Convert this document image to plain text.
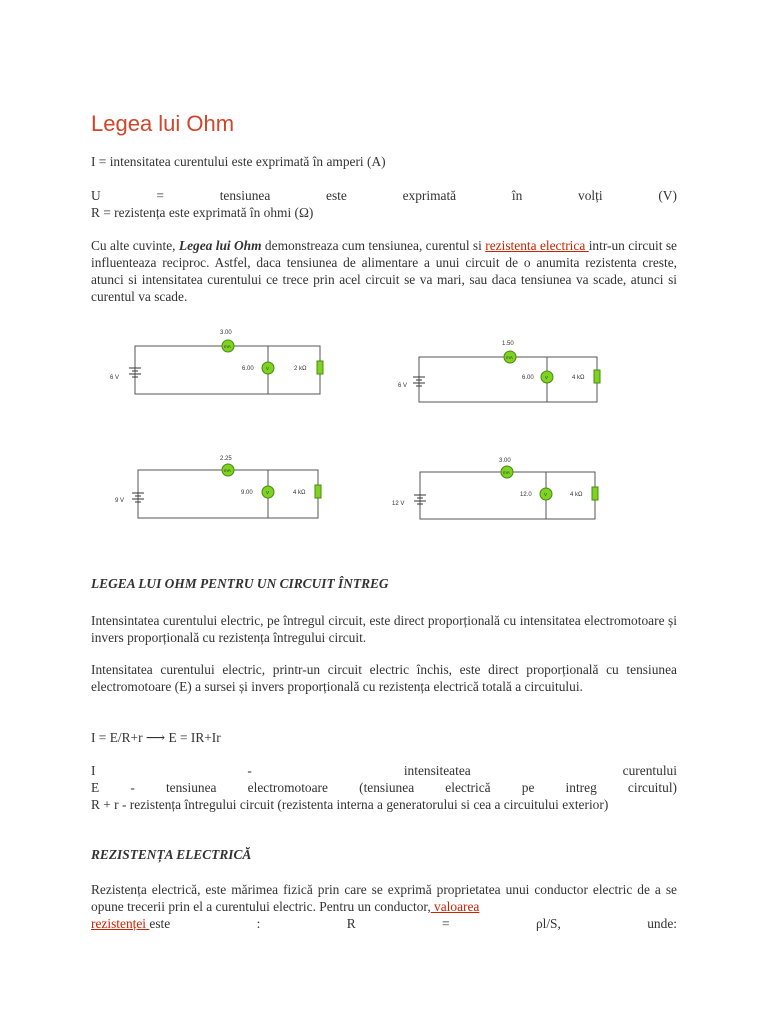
Legea lui Ohm

I = intensitatea curentului este exprimată în amperi (A)

U	=	tensiunea	este	exprimată	în	volți	(V)

R = rezistența este exprimată în ohmi (Ω)

Cu alte cuvinte, Legea lui Ohm demonstreaza cum tensiunea, curentul si rezistenta electrica intr-un circuit se influenteaza reciproc. Astfel, daca tensiunea de alimentare a unui circuit de o anumita rezistenta creste, atunci si intensitatea curentului ce trece prin acel circuit se va mari, sau daca tensiunea va scade, atunci si curentul va scade.

LEGEA LUI OHM PENTRU UN CIRCUIT ÎNTREG

Intensintatea curentului electric, pe întregul circuit, este direct proporțională cu intensitatea electromotoare și invers proporțională cu rezistența întregului circuit.

Intensitatea curentului electric, printr-un circuit electric închis, este direct proporțională cu tensiunea electromotoare (E) a sursei și invers proporțională cu rezistența electrică totală a circuitului.

I = E/R+r ⟶ E = IR+Ir

I	-	intensiteatea	curentului

E - tensiunea electromotoare (tensiunea electrică pe intreg circuitul)

R + r - rezistența întregului circuit (rezistenta interna a generatorului si cea a circuitului exterior)

REZISTENȚA ELECTRICĂ

Rezistența electrică, este mărimea fizică prin care se exprimă proprietatea unui conductor electric de a se opune trecerii prin el a curentului electric. Pentru un conductor, valoarea

rezistenței este	:	R	=	ρl/S,	unde:

6 V
mA
3.00
V
6.00	2 kΩ
6 V
mA
1.50
V
6.00	4 kΩ
9 V
mA
2.25
V
9.00	4 kΩ
12 V
mA
3.00
V
12.0	4 kΩ
